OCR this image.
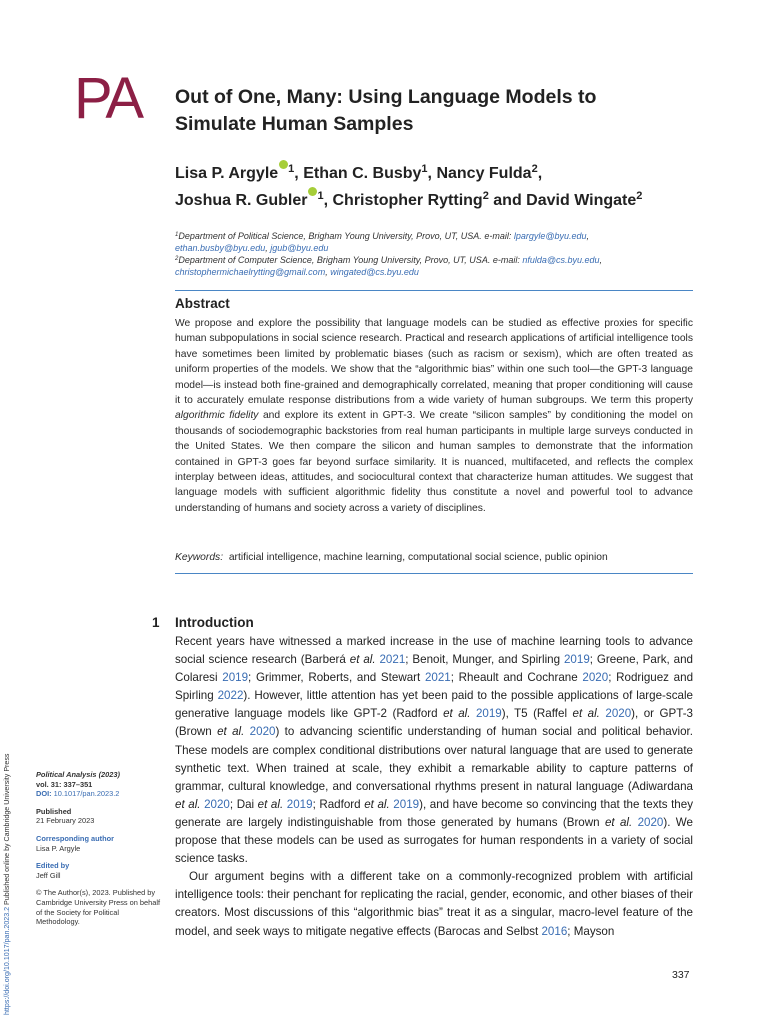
PA Out of One, Many: Using Language Models to Simulate Human Samples
Lisa P. Argyle $^1$, Ethan C. Busby$^1$, Nancy Fulda$^2$,
Joshua R. Gubler $^1$, Christopher Rytting$^2$ and David Wingate$^2$
$^1$Department of Political Science, Brigham Young University, Provo, UT, USA. e-mail: lpargyle@byu.edu,
ethan.busby@byu.edu, jgub@byu.edu
$^2$Department of Computer Science, Brigham Young University, Provo, UT, USA. e-mail: nfulda@cs.byu.edu,
christophermichaelrytting@gmail.com, wingated@cs.byu.edu
Abstract
We propose and explore the possibility that language models can be studied as effective proxies for specific human subpopulations in social science research. Practical and research applications of artificial intelligence tools have sometimes been limited by problematic biases (such as racism or sexism), which are often treated as uniform properties of the models. We show that the “algorithmic bias” within one such tool—the GPT-3 language model—is instead both fine-grained and demographically correlated, meaning that proper conditioning will cause it to accurately emulate response distributions from a wide variety of human subgroups. We term this property algorithmic fidelity and explore its extent in GPT-3. We create “silicon samples” by conditioning the model on thousands of sociodemographic backstories from real human participants in multiple large surveys conducted in the United States. We then compare the silicon and human samples to demonstrate that the information contained in GPT-3 goes far beyond surface similarity. It is nuanced, multifaceted, and reflects the complex interplay between ideas, attitudes, and sociocultural context that characterize human attitudes. We suggest that language models with sufficient algorithmic fidelity thus constitute a novel and powerful tool to advance understanding of humans and society across a variety of disciplines.
Keywords: artificial intelligence, machine learning, computational social science, public opinion
1 Introduction

Recent years have witnessed a marked increase in the use of machine learning tools to advance social science research (Barberá et al. 2021; Benoit, Munger, and Spirling 2019; Greene, Park, and Colaresi 2019; Grimmer, Roberts, and Stewart 2021; Rheault and Cochrane 2020; Rodriguez and Spirling 2022). However, little attention has yet been paid to the possible applications of large-scale generative language models like GPT-2 (Radford et al. 2019), T5 (Raffel et al. 2020), or GPT-3 (Brown et al. 2020) to advancing scientific understanding of human social and political behavior. These models are complex conditional distributions over natural language that are used to generate synthetic text. When trained at scale, they exhibit a remarkable ability to capture patterns of grammar, cultural knowledge, and conversational rhythms present in natural language (Adiwardana et al. 2020; Dai et al. 2019; Radford et al. 2019), and have become so convincing that the texts they generate are largely indistinguishable from those generated by humans (Brown et al. 2020). We propose that these models can be used as surrogates for human respondents in a variety of social science tasks.

Our argument begins with a different take on a commonly-recognized problem with artificial intelligence tools: their penchant for replicating the racial, gender, economic, and other biases of their creators. Most discussions of this “algorithmic bias” treat it as a singular, macro-level feature of the model, and seek ways to mitigate negative effects (Barocas and Selbst 2016; Mayson

Political Analysis (2023)
vol. 31: 337–351
DOI: 10.1017/pan.2023.2
Published
21 February 2023
Corresponding author
Lisa P. Argyle
Edited by
Jeff Gill
© The Author(s), 2023. Published by Cambridge University Press on behalf of the Society for Political Methodology.
https://doi.org/10.1017/pan.2023.2 Published online by Cambridge University Press
337
